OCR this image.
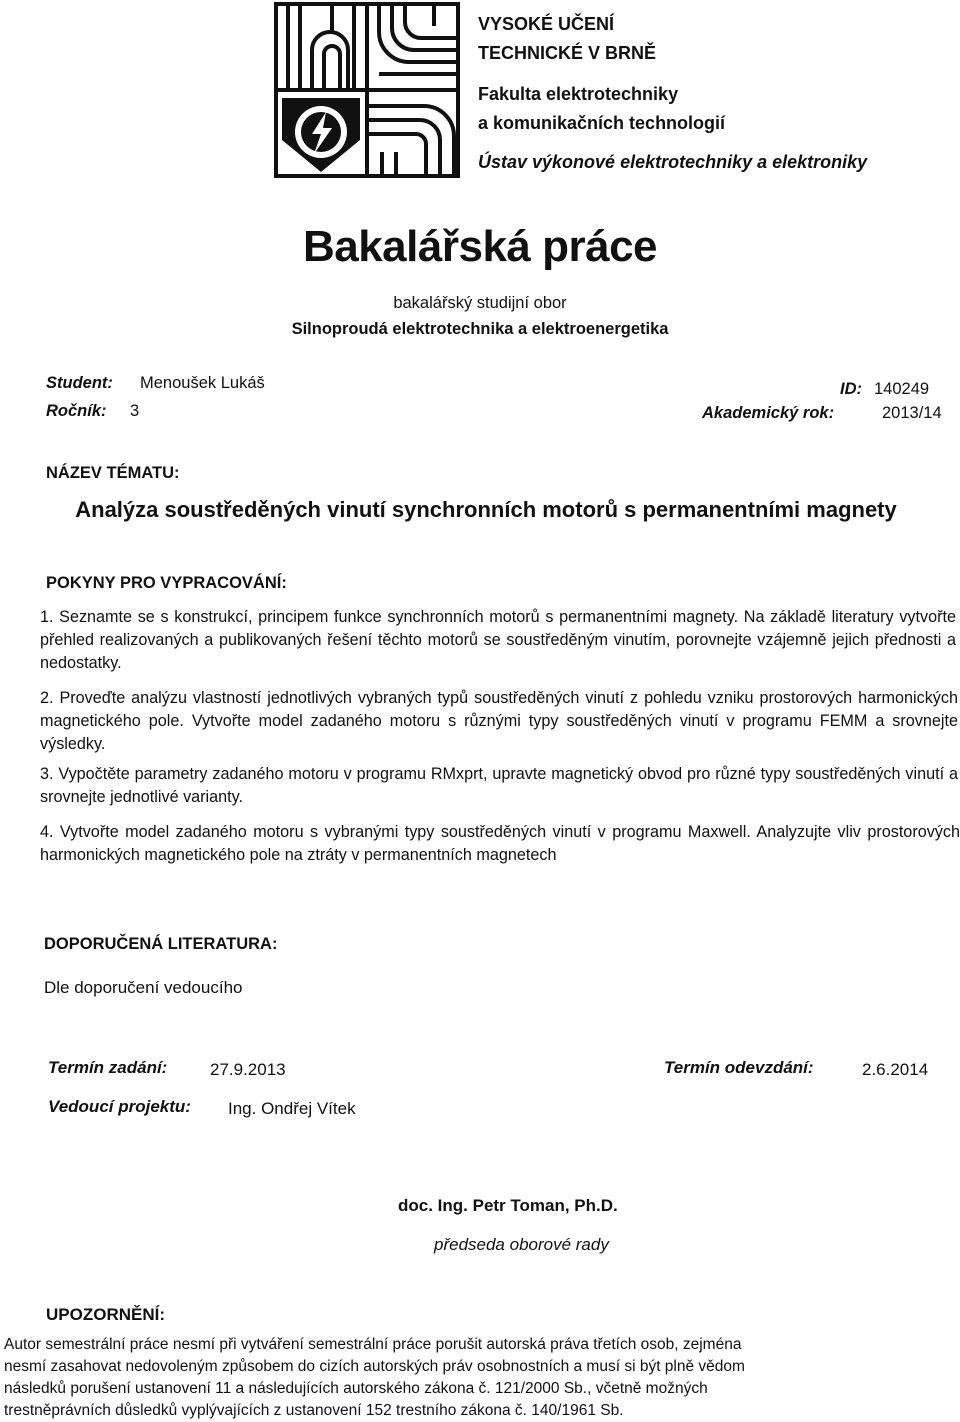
VYSOKÉ UČENÍ
TECHNICKÉ V BRNĚ
Fakulta elektrotechniky
a komunikačních technologií
Ústav výkonové elektrotechniky a elektroniky
Bakalářská práce
bakalářský studijní obor
Silnoproudá elektrotechnika a elektroenergetika
Student: Menoušek Lukáš	ID: 140249
Ročník: 3	Akademický rok:	2013/14
NÁZEV TÉMATU:
Analýza soustředěných vinutí synchronních motorů s permanentními magnety
POKYNY PRO VYPRACOVÁNÍ:
1. Seznamte se s konstrukcí, principem funkce synchronních motorů s permanentními magnety. Na základě literatury vytvořte přehled realizovaných a publikovaných řešení těchto motorů se soustředěným vinutím, porovnejte vzájemně jejich přednosti a nedostatky.
2. Proveďte analýzu vlastností jednotlivých vybraných typů soustředěných vinutí z pohledu vzniku prostorových harmonických magnetického pole. Vytvořte model zadaného motoru s různými typy soustředěných vinutí v programu FEMM a srovnejte výsledky.
3. Vypočtěte parametry zadaného motoru v programu RMxprt, upravte magnetický obvod pro různé typy soustředěných vinutí a srovnejte jednotlivé varianty.
4. Vytvořte model zadaného motoru s vybranými typy soustředěných vinutí v programu Maxwell. Analyzujte vliv prostorových harmonických magnetického pole na ztráty v permanentních magnetech
DOPORUČENÁ LITERATURA:
Dle doporučení vedoucího
Termín zadání:	27.9.2013	Termín odevzdání:	2.6.2014
Vedoucí projektu: Ing. Ondřej Vítek
doc. Ing. Petr Toman, Ph.D.
předseda oborové rady
UPOZORNĚNÍ:
Autor semestrální práce nesmí při vytváření semestrální práce porušit autorská práva třetích osob, zejména
nesmí zasahovat nedovoleným způsobem do cizích autorských práv osobnostních a musí si být plně vědom
následků porušení ustanovení 11 a následujících autorského zákona č. 121/2000 Sb., včetně možných
trestněprávních důsledků vyplývajících z ustanovení 152 trestního zákona č. 140/1961 Sb.
